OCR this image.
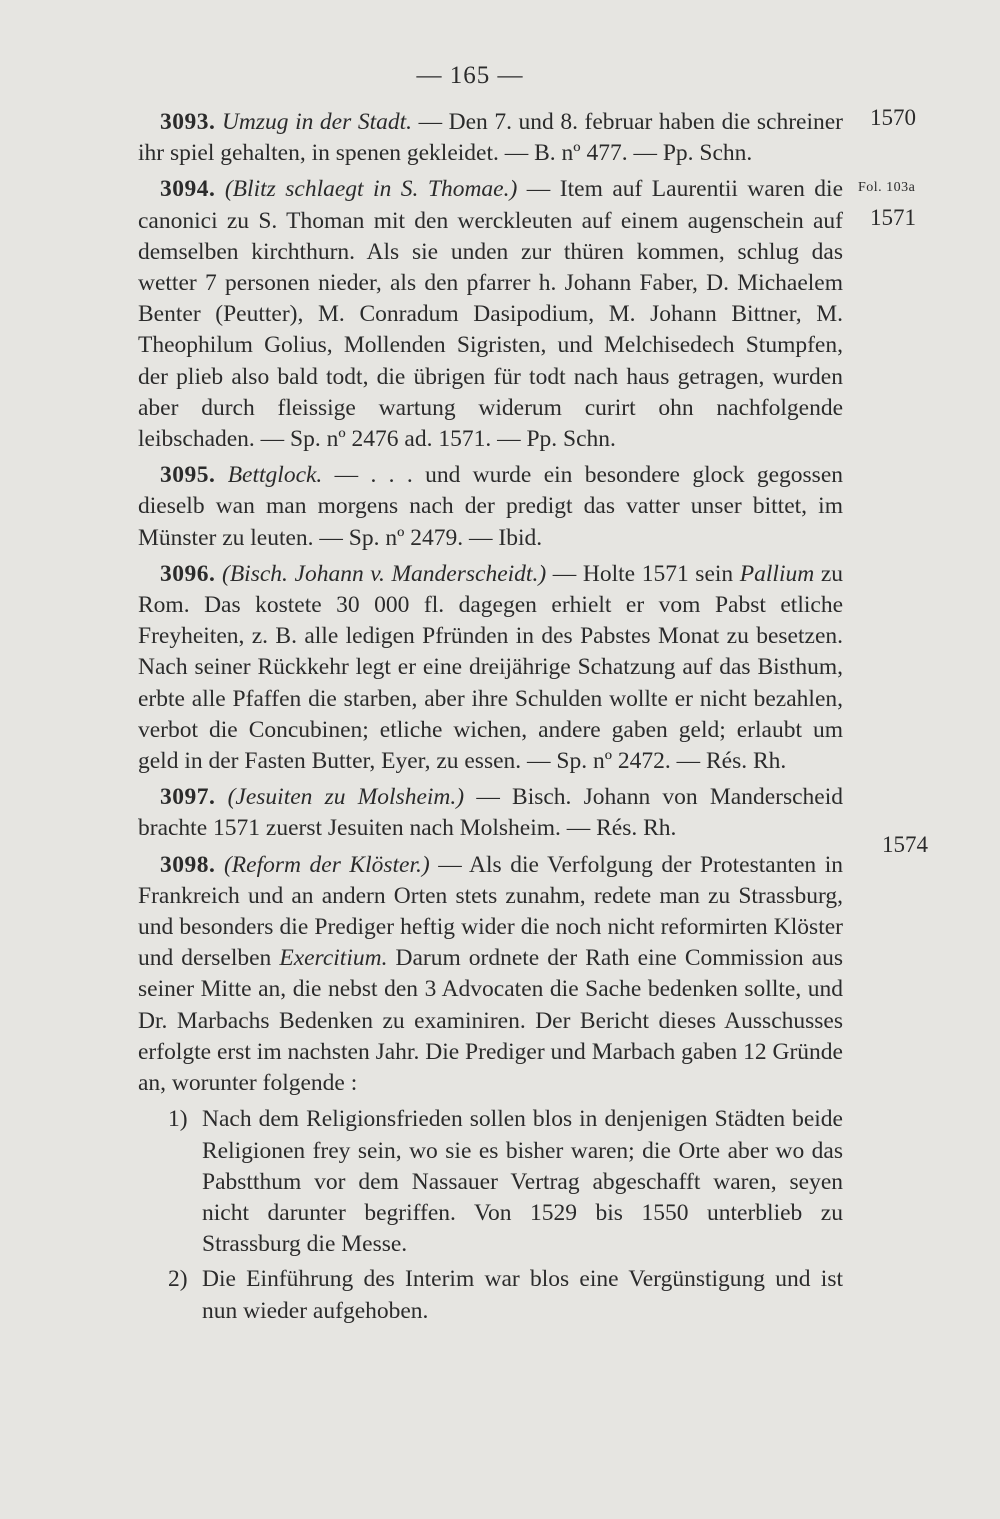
— 165 —
1570
Fol. 103a
1571
1574

3093. Umzug in der Stadt. — Den 7. und 8. februar haben die schreiner ihr spiel gehalten, in spenen gekleidet. — B. nº 477. — Pp. Schn.

3094. (Blitz schlaegt in S. Thomae.) — Item auf Laurentii waren die canonici zu S. Thoman mit den werckleuten auf einem augenschein auf demselben kirchthurn. Als sie unden zur thüren kommen, schlug das wetter 7 personen nieder, als den pfarrer h. Johann Faber, D. Michaelem Benter (Peutter), M. Conradum Dasipodium, M. Johann Bittner, M. Theophilum Golius, Mollenden Sigristen, und Melchisedech Stumpfen, der plieb also bald todt, die übrigen für todt nach haus getragen, wurden aber durch fleissige wartung widerum curirt ohn nachfolgende leibschaden. — Sp. nº 2476 ad. 1571. — Pp. Schn.

3095. Bettglock. — . . . und wurde ein besondere glock gegossen dieselb wan man morgens nach der predigt das vatter unser bittet, im Münster zu leuten. — Sp. nº 2479. — Ibid.

3096. (Bisch. Johann v. Manderscheidt.) — Holte 1571 sein Pallium zu Rom. Das kostete 30 000 fl. dagegen erhielt er vom Pabst etliche Freyheiten, z. B. alle ledigen Pfründen in des Pabstes Monat zu besetzen. Nach seiner Rückkehr legt er eine dreijährige Schatzung auf das Bisthum, erbte alle Pfaffen die starben, aber ihre Schulden wollte er nicht bezahlen, verbot die Concubinen; etliche wichen, andere gaben geld; erlaubt um geld in der Fasten Butter, Eyer, zu essen. — Sp. nº 2472. — Rés. Rh.

3097. (Jesuiten zu Molsheim.) — Bisch. Johann von Manderscheid brachte 1571 zuerst Jesuiten nach Molsheim. — Rés. Rh.

3098. (Reform der Klöster.) — Als die Verfolgung der Protestanten in Frankreich und an andern Orten stets zunahm, redete man zu Strassburg, und besonders die Prediger heftig wider die noch nicht reformirten Klöster und derselben Exercitium. Darum ordnete der Rath eine Commission aus seiner Mitte an, die nebst den 3 Advocaten die Sache bedenken sollte, und Dr. Marbachs Bedenken zu examiniren. Der Bericht dieses Ausschusses erfolgte erst im nachsten Jahr. Die Prediger und Marbach gaben 12 Gründe an, worunter folgende :

1) Nach dem Religionsfrieden sollen blos in denjenigen Städten beide Religionen frey sein, wo sie es bisher waren; die Orte aber wo das Pabstthum vor dem Nassauer Vertrag abgeschafft waren, seyen nicht darunter begriffen. Von 1529 bis 1550 unterblieb zu Strassburg die Messe.
2) Die Einführung des Interim war blos eine Vergünstigung und ist nun wieder aufgehoben.
